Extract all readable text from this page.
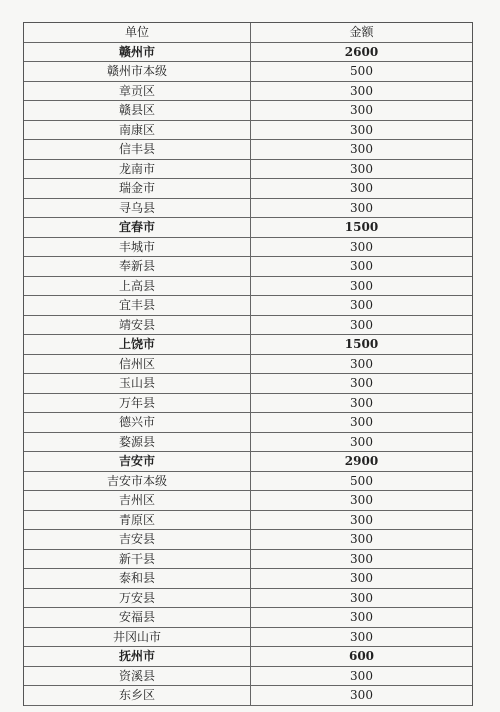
单位	金额
赣州市	2600
赣州市本级	500
章贡区	300
赣县区	300
南康区	300
信丰县	300
龙南市	300
瑞金市	300
寻乌县	300
宜春市	1500
丰城市	300
奉新县	300
上高县	300
宜丰县	300
靖安县	300
上饶市	1500
信州区	300
玉山县	300
万年县	300
德兴市	300
婺源县	300
吉安市	2900
吉安市本级	500
吉州区	300
青原区	300
吉安县	300
新干县	300
泰和县	300
万安县	300
安福县	300
井冈山市	300
抚州市	600
资溪县	300
东乡区	300
